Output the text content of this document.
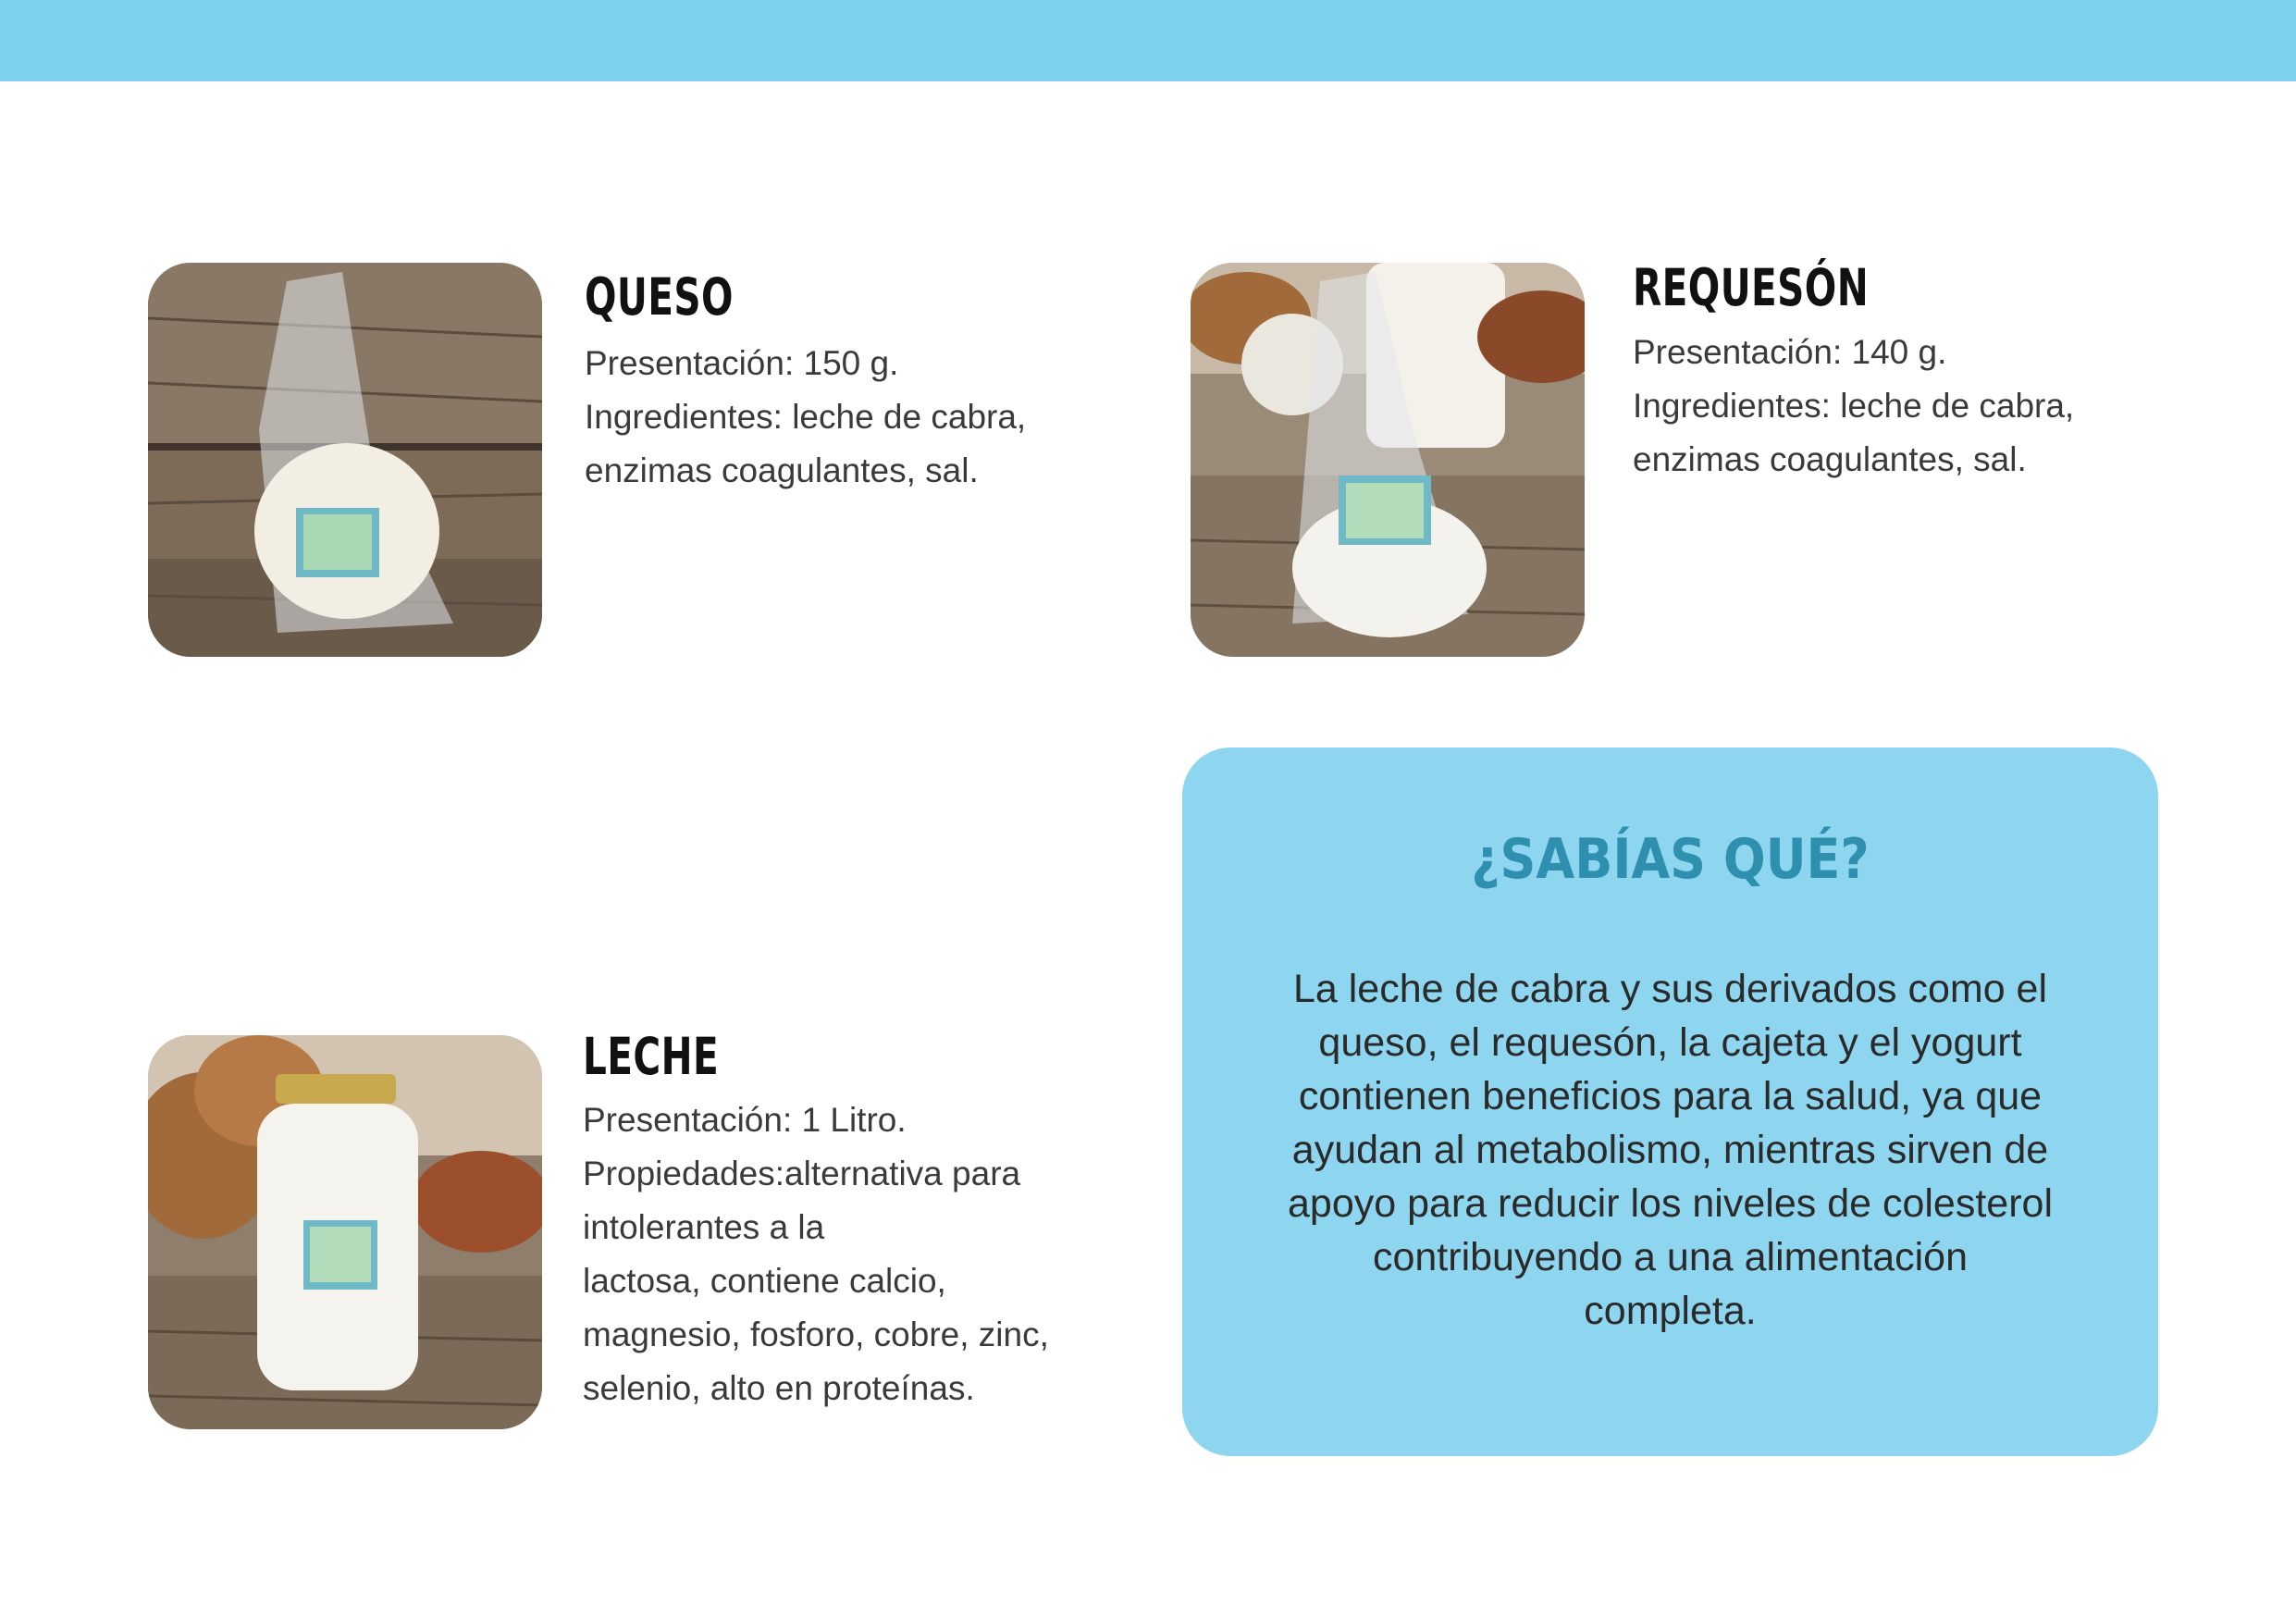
QUESO

Presentación: 150 g.

Ingredientes: leche de cabra,

enzimas coagulantes, sal.

REQUESÓN

Presentación: 140 g.

Ingredientes: leche de cabra,

enzimas coagulantes, sal.

LECHE

Presentación: 1 Litro.

Propiedades:alternativa para

intolerantes a la

lactosa, contiene calcio,

magnesio, fosforo, cobre, zinc,

selenio, alto en proteínas.

¿SABÍAS QUÉ?
La leche de cabra y sus derivados como el
queso, el requesón, la cajeta y el yogurt
contienen beneficios para la salud, ya que
ayudan al metabolismo, mientras sirven de
apoyo para reducir los niveles de colesterol
contribuyendo a una alimentación
completa.
